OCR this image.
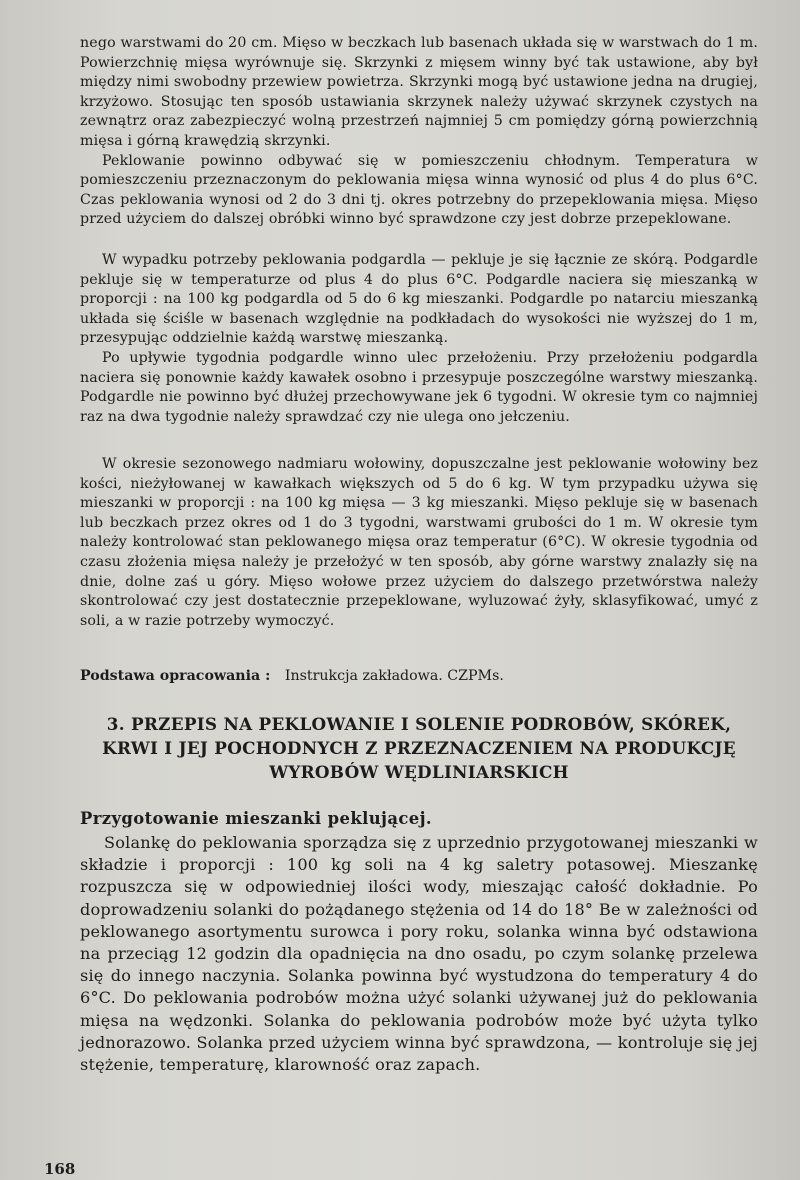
nego warstwami do 20 cm. Mięso w beczkach lub basenach układa się w warstwach do 1 m. Powierzchnię mięsa wyrównuje się. Skrzynki z mięsem winny być tak ustawione, aby był między nimi swobodny przewiew powietrza. Skrzynki mogą być ustawione jedna na drugiej, krzyżowo. Stosując ten sposób ustawiania skrzynek należy używać skrzynek czystych na zewnątrz oraz zabezpieczyć wolną przestrzeń najmniej 5 cm pomiędzy górną powierzchnią mięsa i górną krawędzią skrzynki.

Peklowanie powinno odbywać się w pomieszczeniu chłodnym. Temperatura w pomieszczeniu przeznaczonym do peklowania mięsa winna wynosić od plus 4 do plus 6°C. Czas peklowania wynosi od 2 do 3 dni tj. okres potrzebny do przepeklowania mięsa. Mięso przed użyciem do dalszej obróbki winno być sprawdzone czy jest dobrze przepeklowane.

W wypadku potrzeby peklowania podgardla — pekluje je się łącznie ze skórą. Podgardle pekluje się w temperaturze od plus 4 do plus 6°C. Podgardle naciera się mieszanką w proporcji : na 100 kg podgardla od 5 do 6 kg mieszanki. Podgardle po natarciu mieszanką układa się ściśle w basenach względnie na podkładach do wysokości nie wyższej do 1 m, przesypując oddzielnie każdą warstwę mieszanką.

Po upływie tygodnia podgardle winno ulec przełożeniu. Przy przełożeniu podgardla naciera się ponownie każdy kawałek osobno i przesypuje poszczególne warstwy mieszanką. Podgardle nie powinno być dłużej przechowywane jek 6 tygodni. W okresie tym co najmniej raz na dwa tygodnie należy sprawdzać czy nie ulega ono jełczeniu.

W okresie sezonowego nadmiaru wołowiny, dopuszczalne jest peklowanie wołowiny bez kości, nieżyłowanej w kawałkach większych od 5 do 6 kg. W tym przypadku używa się mieszanki w proporcji : na 100 kg mięsa — 3 kg mieszanki. Mięso pekluje się w basenach lub beczkach przez okres od 1 do 3 tygodni, warstwami grubości do 1 m. W okresie tym należy kontrolować stan peklowanego mięsa oraz temperatur (6°C). W okresie tygodnia od czasu złożenia mięsa należy je przełożyć w ten sposób, aby górne warstwy znalazły się na dnie, dolne zaś u góry. Mięso wołowe przez użyciem do dalszego przetwórstwa należy skontrolować czy jest dostatecznie przepeklowane, wyluzować żyły, sklasyfikować, umyć z soli, a w razie potrzeby wymoczyć.

Podstawa opracowania : Instrukcja zakładowa. CZPMs.
3. PRZEPIS NA PEKLOWANIE I SOLENIE PODROBÓW, SKÓREK, KRWI I JEJ POCHODNYCH Z PRZEZNACZENIEM NA PRODUKCJĘ WYROBÓW WĘDLINIARSKICH
Przygotowanie mieszanki peklującej.

Solankę do peklowania sporządza się z uprzednio przygotowanej mieszanki w składzie i proporcji : 100 kg soli na 4 kg saletry potasowej. Mieszankę rozpuszcza się w odpowiedniej ilości wody, mieszając całość dokładnie. Po doprowadzeniu solanki do pożądanego stężenia od 14 do 18° Be w zależności od peklowanego asortymentu surowca i pory roku, solanka winna być odstawiona na przeciąg 12 godzin dla opadnięcia na dno osadu, po czym solankę przelewa się do innego naczynia. Solanka powinna być wystudzona do temperatury 4 do 6°C. Do peklowania podrobów można użyć solanki używanej już do peklowania mięsa na wędzonki. Solanka do peklowania podrobów może być użyta tylko jednorazowo. Solanka przed użyciem winna być sprawdzona, — kontroluje się jej stężenie, temperaturę, klarowność oraz zapach.

168
